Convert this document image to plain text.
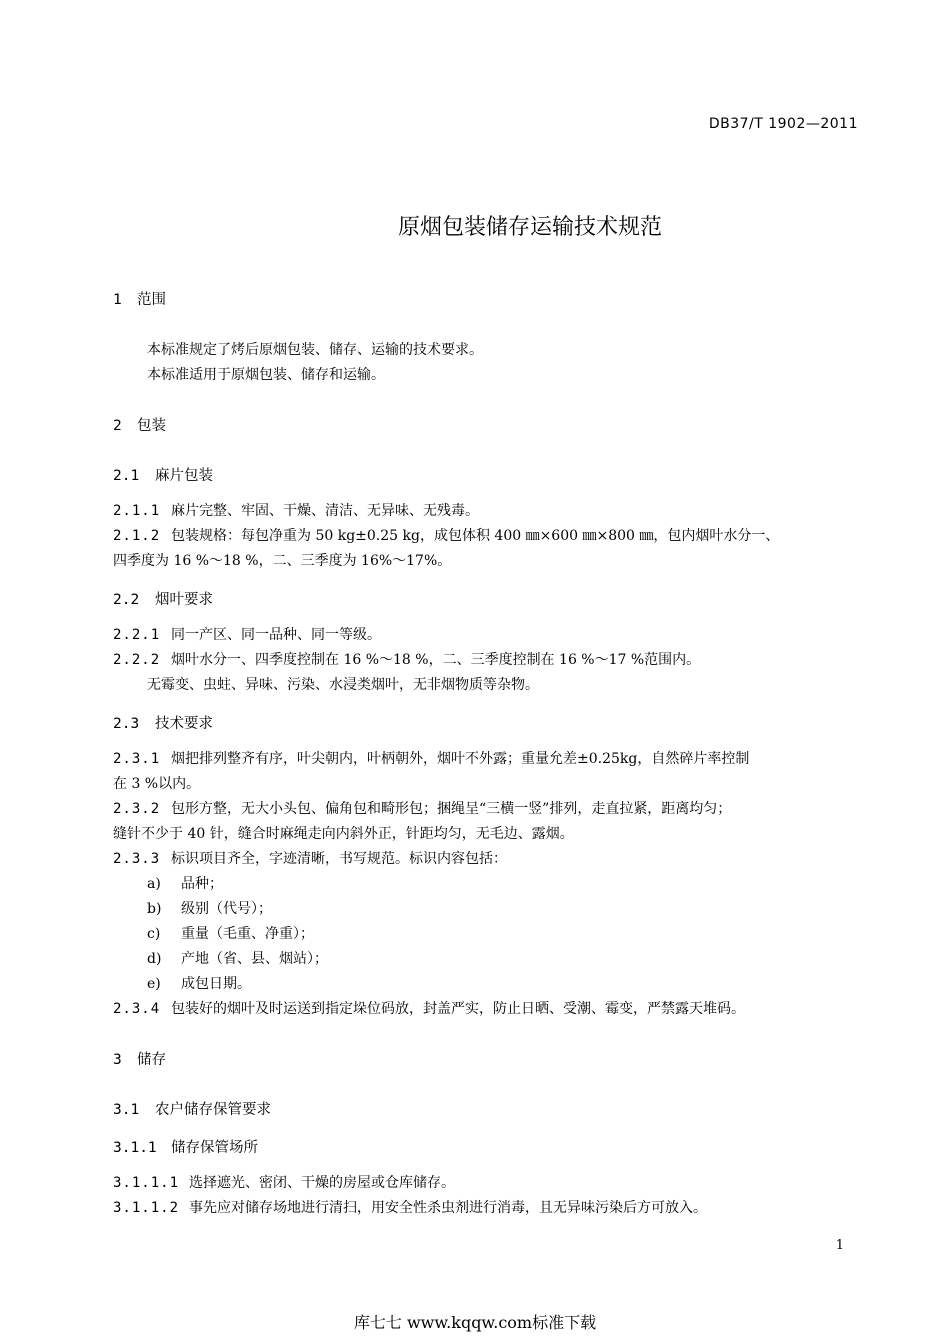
DB37/T 1902—2011
原烟包装储存运输技术规范
1 范围
本标准规定了烤后原烟包装、储存、运输的技术要求。
本标准适用于原烟包装、储存和运输。
2 包装
2.1 麻片包装
2.1.1 麻片完整、牢固、干燥、清洁、无异味、无残毒。
2.1.2 包装规格：每包净重为 50 kg±0.25 kg，成包体积 400 ㎜×600 ㎜×800 ㎜，包内烟叶水分一、
四季度为 16 %～18 %，二、三季度为 16%～17%。
2.2 烟叶要求
2.2.1 同一产区、同一品种、同一等级。
2.2.2 烟叶水分一、四季度控制在 16 %～18 %，二、三季度控制在 16 %～17 %范围内。
无霉变、虫蛀、异味、污染、水浸类烟叶，无非烟物质等杂物。
2.3 技术要求
2.3.1 烟把排列整齐有序，叶尖朝内，叶柄朝外，烟叶不外露；重量允差±0.25kg，自然碎片率控制
在 3 %以内。
2.3.2 包形方整，无大小头包、偏角包和畸形包；捆绳呈“三横一竖”排列，走直拉紧，距离均匀；
缝针不少于 40 针，缝合时麻绳走向内斜外正，针距均匀，无毛边、露烟。
2.3.3 标识项目齐全，字迹清晰，书写规范。标识内容包括：
a) 品种；
b) 级别（代号）；
c) 重量（毛重、净重）；
d) 产地（省、县、烟站）；
e) 成包日期。
2.3.4 包装好的烟叶及时运送到指定垛位码放，封盖严实，防止日晒、受潮、霉变，严禁露天堆码。
3 储存
3.1 农户储存保管要求
3.1.1 储存保管场所
3.1.1.1 选择遮光、密闭、干燥的房屋或仓库储存。
3.1.1.2 事先应对储存场地进行清扫，用安全性杀虫剂进行消毒，且无异味污染后方可放入。
1
库七七 www.kqqw.com标准下载
